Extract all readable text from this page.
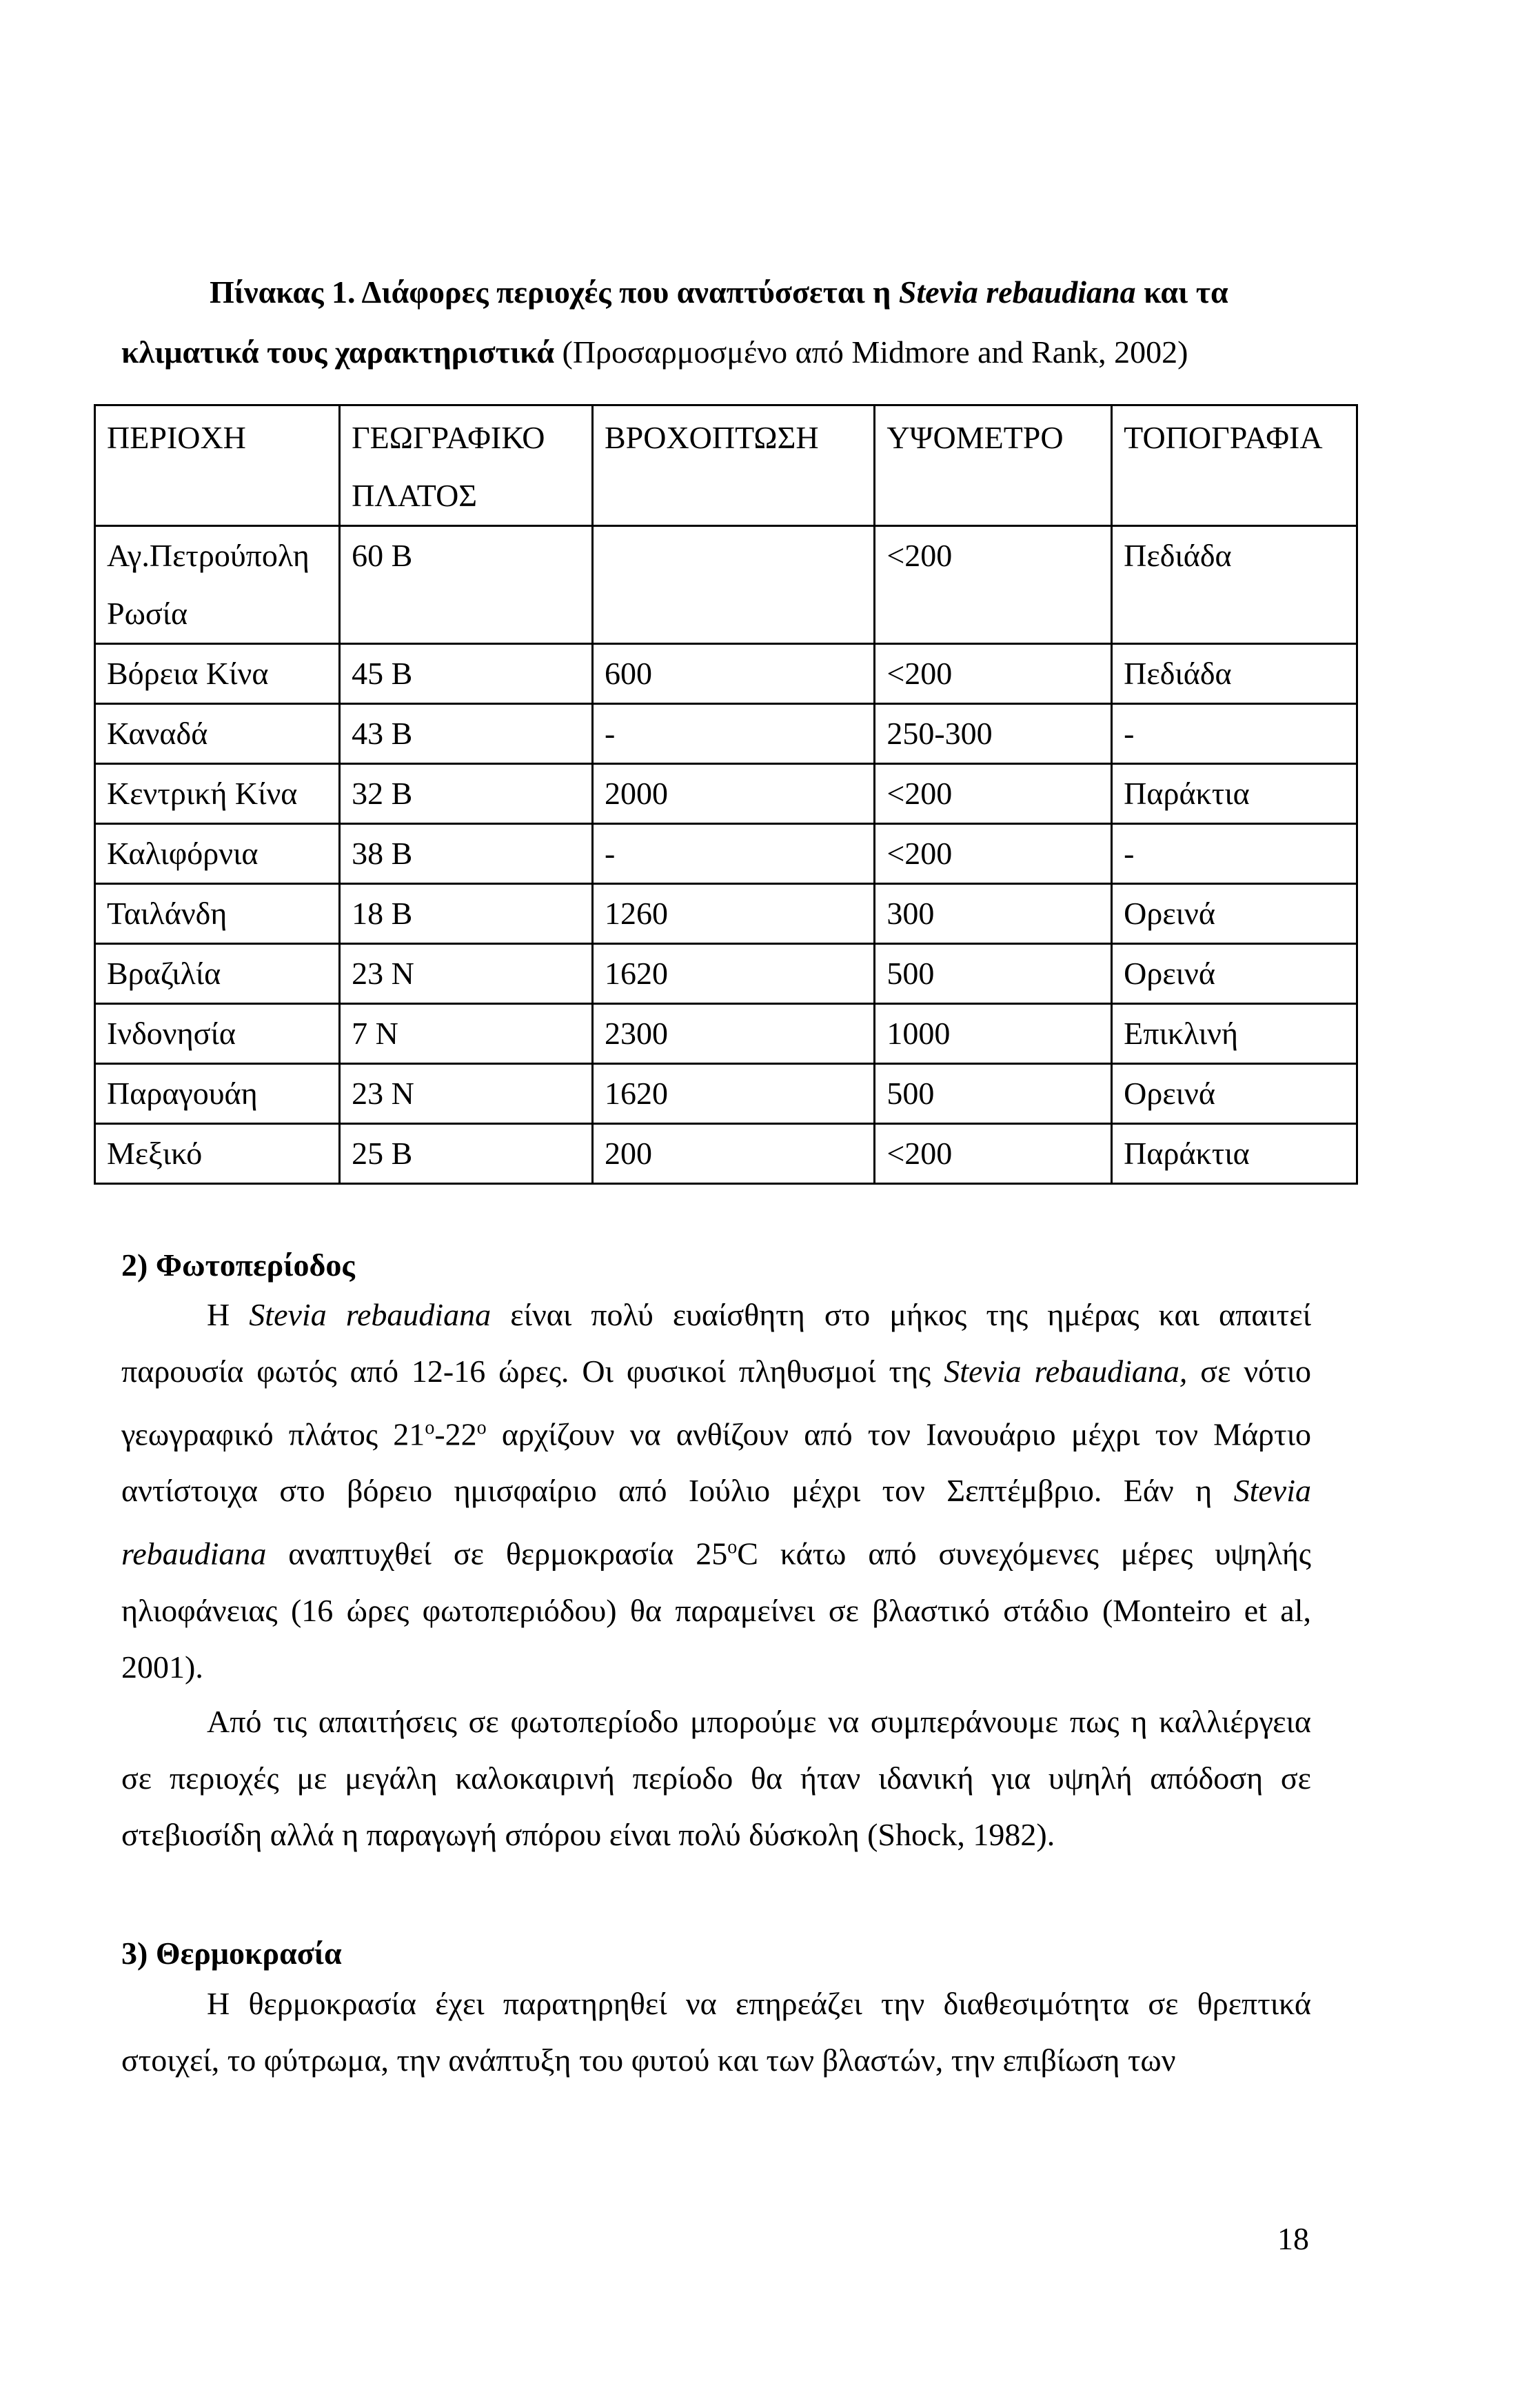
Πίνακας 1. Διάφορες περιοχές που αναπτύσσεται η Stevia rebaudiana και τα
κλιματικά τους χαρακτηριστικά (Προσαρμοσμένο από Midmore and Rank, 2002)
ΠΕΡΙΟΧΗ	ΓΕΩΓΡΑΦΙΚΟ ΠΛΑΤΟΣ	ΒΡΟΧΟΠΤΩΣΗ	ΥΨΟΜΕΤΡΟ	ΤΟΠΟΓΡΑΦΙΑ
Αγ.Πετρούπολη Ρωσία	60 Β		<200	Πεδιάδα
Βόρεια Κίνα	45 Β	600	<200	Πεδιάδα
Καναδά	43 Β	-	250-300	-
Κεντρική Κίνα	32 Β	2000	<200	Παράκτια
Καλιφόρνια	38 Β	-	<200	-
Ταιλάνδη	18 Β	1260	300	Ορεινά
Βραζιλία	23 Ν	1620	500	Ορεινά
Ινδονησία	7 Ν	2300	1000	Επικλινή
Παραγουάη	23 Ν	1620	500	Ορεινά
Μεξικό	25 Β	200	<200	Παράκτια
2) Φωτοπερίοδος
Η Stevia rebaudiana είναι πολύ ευαίσθητη στο μήκος της ημέρας και απαιτεί παρουσία φωτός από 12-16 ώρες. Οι φυσικοί πληθυσμοί της Stevia rebaudiana, σε νότιο γεωγραφικό πλάτος $21^o-22^o$ αρχίζουν να ανθίζουν από τον Ιανουάριο μέχρι τον Μάρτιο αντίστοιχα στο βόρειο ημισφαίριο από Ιούλιο μέχρι τον Σεπτέμβριο. Εάν η Stevia rebaudiana αναπτυχθεί σε θερμοκρασία $25^oC$ κάτω από συνεχόμενες μέρες υψηλής ηλιοφάνειας (16 ώρες φωτοπεριόδου) θα παραμείνει σε βλαστικό στάδιο (Monteiro et al, 2001).
Από τις απαιτήσεις σε φωτοπερίοδο μπορούμε να συμπεράνουμε πως η καλλιέργεια σε περιοχές με μεγάλη καλοκαιρινή περίοδο θα ήταν ιδανική για υψηλή απόδοση σε στεβιοσίδη αλλά η παραγωγή σπόρου είναι πολύ δύσκολη (Shock, 1982).
3) Θερμοκρασία
Η θερμοκρασία έχει παρατηρηθεί να επηρεάζει την διαθεσιμότητα σε θρεπτικά στοιχεί, το φύτρωμα, την ανάπτυξη του φυτού και των βλαστών, την επιβίωση των
18
